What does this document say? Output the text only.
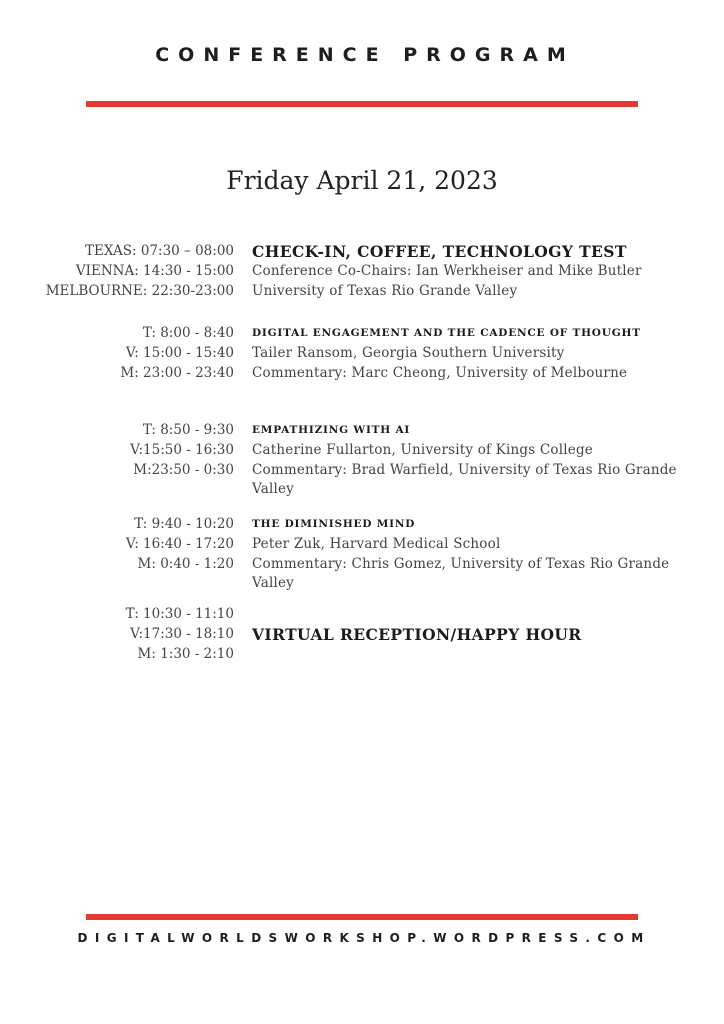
CONFERENCE PROGRAM
Friday April 21, 2023
TEXAS: 07:30 – 08:00
VIENNA: 14:30 - 15:00
MELBOURNE: 22:30-23:00
CHECK-IN, COFFEE, TECHNOLOGY TEST
Conference Co-Chairs: Ian Werkheiser and Mike Butler
University of Texas Rio Grande Valley
T: 8:00 - 8:40
V: 15:00 - 15:40
M: 23:00 - 23:40
DIGITAL ENGAGEMENT AND THE CADENCE OF THOUGHT
Tailer Ransom, Georgia Southern University
Commentary: Marc Cheong, University of Melbourne
T: 8:50 - 9:30
V:15:50 - 16:30
M:23:50 - 0:30
EMPATHIZING WITH AI
Catherine Fullarton, University of Kings College
Commentary: Brad Warfield, University of Texas Rio Grande Valley
T: 9:40 - 10:20
V: 16:40 - 17:20
M: 0:40 - 1:20
THE DIMINISHED MIND
Peter Zuk, Harvard Medical School
Commentary: Chris Gomez, University of Texas Rio Grande Valley
T: 10:30 - 11:10
V:17:30 - 18:10
M: 1:30 - 2:10
VIRTUAL RECEPTION/HAPPY HOUR
DIGITALWORLDSWORKSHOP.WORDPRESS.COM
